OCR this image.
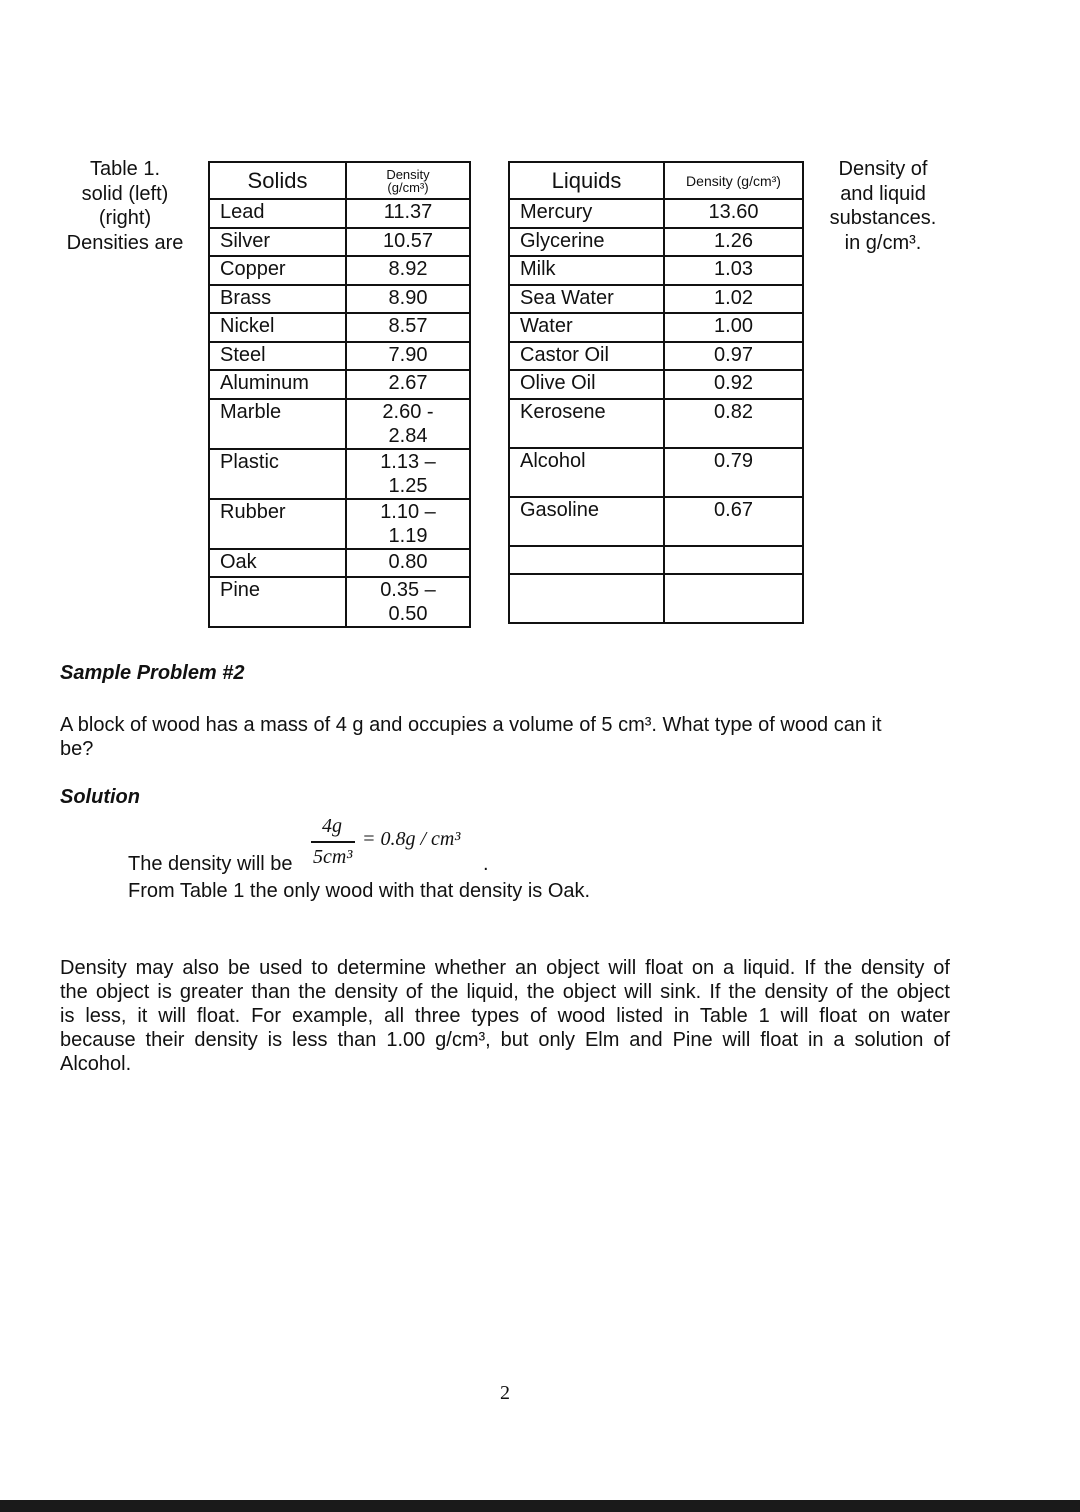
Table 1.
solid (left)
(right)
Densities are
Solids	Density
(g/cm³)

Lead	11.37

Silver	10.57

Copper	8.92

Brass	8.90

Nickel	8.57

Steel	7.90

Aluminum	2.67

Marble	2.60 -
2.84

Plastic	1.13 –
1.25

Rubber	1.10 –
1.19

Oak	0.80

Pine	0.35 –
0.50
Liquids	Density (g/cm³)
Mercury	13.60
Glycerine	1.26
Milk	1.03
Sea Water	1.02
Water	1.00
Castor Oil	0.97
Olive Oil	0.92
Kerosene	0.82
Alcohol	0.79
Gasoline	0.67

Density of
and liquid
substances.
in g/cm³.
Sample Problem #2
A block of wood has a mass of 4 g and occupies a volume of 5 cm³. What type of wood can it
be?
Solution
4g
5cm³
= 0.8g / cm³
The density will be	.
From Table 1 the only wood with that density is Oak.
Density may also be used to determine whether an object will float on a liquid. If the density of
the object is greater than the density of the liquid, the object will sink. If the density of the object
is less, it will float. For example, all three types of wood listed in Table 1 will float on water
because their density is less than 1.00 g/cm³, but only Elm and Pine will float in a solution of
Alcohol.
2
